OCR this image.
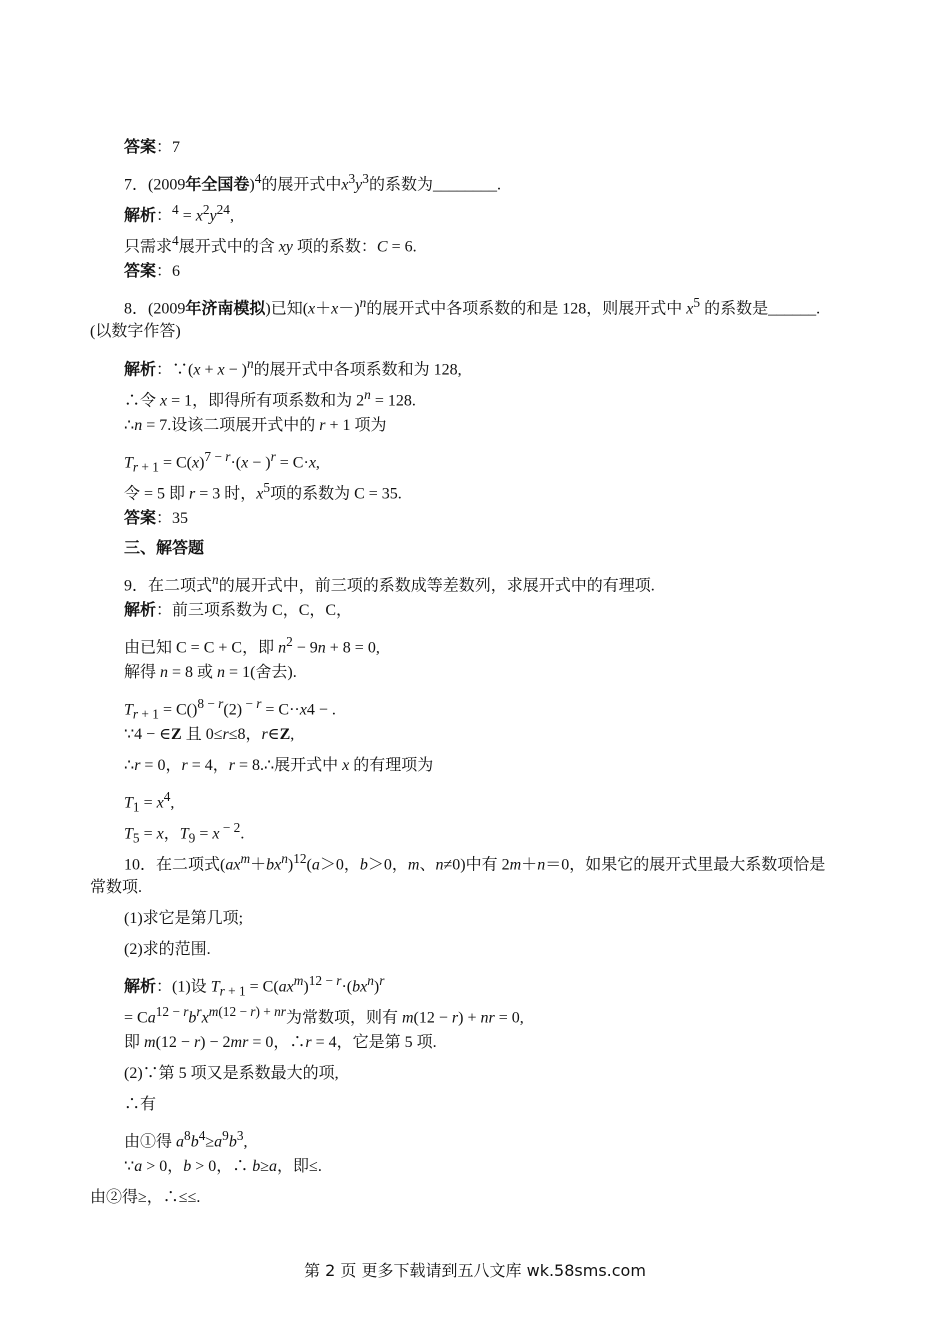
第 2 页 更多下载请到五八文库 wk.58sms.com
答案：7
7．(2009年全国卷)$^4$的展开式中$x^3y^3$的系数为________.
解析：$^4 = x^2y^{24}$,
只需求$^4$展开式中的含 xy 项的系数：C = 6.
答案：6
8．(2009年济南模拟)已知$(x+x-)^n$的展开式中各项系数的和是 128，则展开式中 $x^5$ 的系数是______.
(以数字作答)
解析：∵(x + x − )$^n$的展开式中各项系数和为 128,
∴令 x = 1，即得所有项系数和为 $2^n = 128$.
∴n = 7.设该二项展开式中的 r + 1 项为
$T_{r + 1} = C(x)^{7 - r}\cdot(x - )^r = C\cdot x$,
令 = 5 即 r = 3 时，$x^5$项的系数为 C = 35.
答案：35
三、解答题
9．在二项式$^n$的展开式中，前三项的系数成等差数列，求展开式中的有理项.
解析：前三项系数为 C，C，C，
由已知 C = C + C，即 $n^2 - 9n + 8 = 0$,
解得 n = 8 或 n = 1(舍去).
$T_{r + 1} = C()^{8 - r}(2) ^{- r} = C\cdot\cdot x4$ − .
∵4 − ∈Z 且 0≤r≤8，r∈Z,
∴r = 0，r = 4，r = 8.∴展开式中 x 的有理项为
$T_1 = x^4$,
$T_5 = x$，$T_9 = x$ $^{- 2}$.
10．在二项式$(ax^m+bx^n)^{12}(a>0$，b＞0，m、n≠0)中有 2m＋n＝0，如果它的展开式里最大系数项恰是
常数项.
(1)求它是第几项;
(2)求的范围.
解析：(1)设 $T_{r + 1} = C(ax^m)^{12 - r}\cdot(bx^n)^r$
= $Ca^{12 - r}b^rx^{m(12 - r) + nr}$为常数项，则有 m(12 − r) + nr = 0,
即 m(12 − r) − 2mr = 0，∴r = 4，它是第 5 项.
(2)∵第 5 项又是系数最大的项,
∴有
由①得 $a^8b^4\ge a^9b^3$,
∵a > 0，b > 0，∴ b≥a，即≤.
由②得≥，∴≤≤.
